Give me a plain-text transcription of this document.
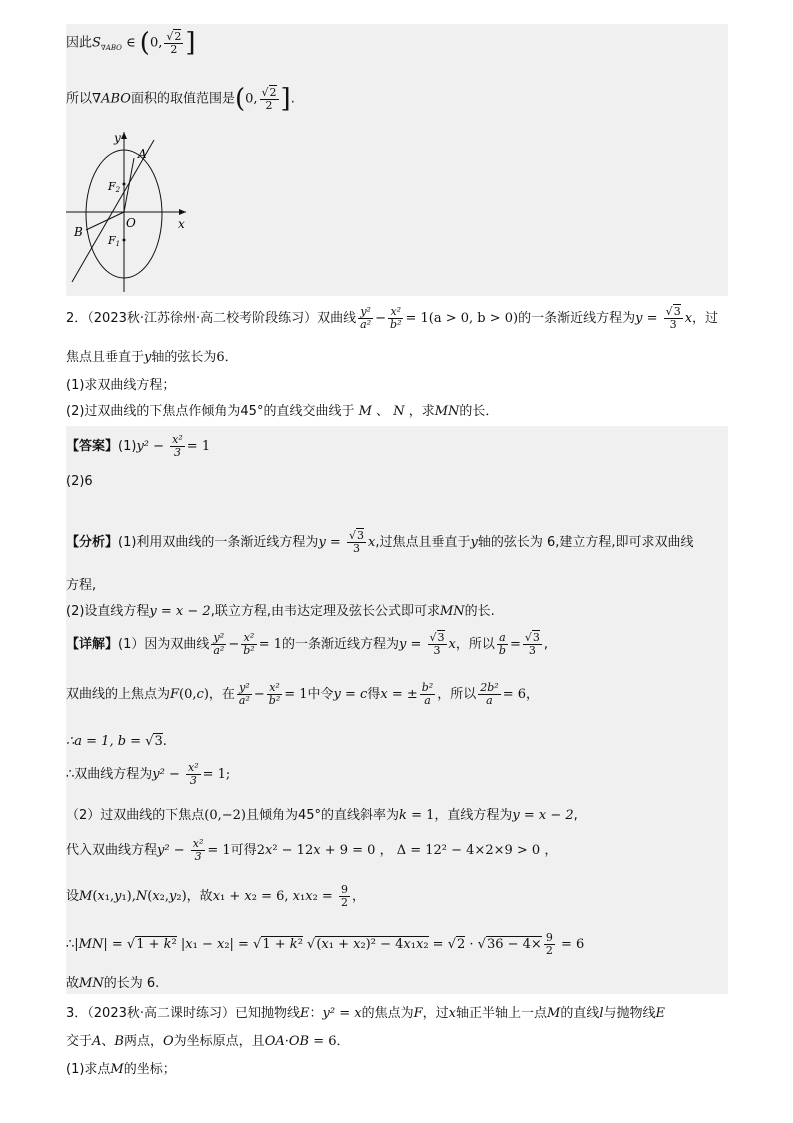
因此$S_{\nabla ABO}$ ∈ (0, $\frac{√2}{2}$ ]
所以∇ABO面积的取值范围是(0, $\frac{√2}{2}$ ].
y
x
O
A
B
F2
F1
2．（2023秋·江苏徐州·高二校考阶段练习）双曲线 $\frac{\text{y²}}{\text{a²}} - \frac{\text{x²}}{\text{b²}} = 1(a > 0$, b > 0)的一条渐近线方程为$y = \frac{√3}{3}$ x，过
焦点且垂直于y轴的弦长为6．
(1)求双曲线方程；
(2)过双曲线的下焦点作倾角为45°的直线交曲线于 M 、 N ，求MN的长．
【答案】$(1)y^2 - \frac{\text{x²}}{3} = 1$
(2)6
【分析】(1)利用双曲线的一条渐近线方程为$y = \frac{√3}{3} x$,过焦点且垂直于y轴的弦长为 6,建立方程,即可求双曲线
方程,
(2)设直线方程y = x − 2,联立方程,由韦达定理及弦长公式即可求MN的长.
【详解】(1）因为双曲线 $\frac{\text{y²}}{\text{a²}} - \frac{\text{x²}}{\text{b²}} = 1$的一条渐近线方程为$y = \frac{√3}{3}$ x，所以 $\frac{a}{b} = \frac{√3}{3}$ ,
双曲线的上焦点为F(0,c)，在 $\frac{\text{y²}}{\text{a²}} - \frac{\text{x²}}{\text{b²}} = 1$中令y = c得x = ± $\frac{\text{b²}}{a}$ ，所以 $\frac{\text{2b²}}{a} = 6$，
∴a = 1, b = √3.
∴双曲线方程为$y^2 - \frac{\text{x²}}{3} = 1$;
（2）过双曲线的下焦点(0,−2)且倾角为45°的直线斜率为k = 1，直线方程为y = x − 2,
代入双曲线方程$y^2 - \frac{\text{x²}}{3} = 1$可得2x² − 12x + 9 = 0 ， Δ = 12² − 4×2×9 > 0 ，
设M(x₁,y₁),N(x₂,y₂)，故x₁ + x₂ = 6, $x_1x_2 = \frac{9}{2}$ ，
∴|MN| = √1 + k² |x₁ − x₂| = √1 + k² $√(x_1 + x_2)^2 - 4x_1x_2 = √2 \cdot √36 - 4\times \frac{9}{2} = 6$
故MN的长为 6.
3．（2023秋·高二课时练习）已知抛物线E：y² = x的焦点为F，过x轴正半轴上一点M的直线l与抛物线E
交于A、B两点，O为坐标原点，且OA·OB = 6．
(1)求点M的坐标；
